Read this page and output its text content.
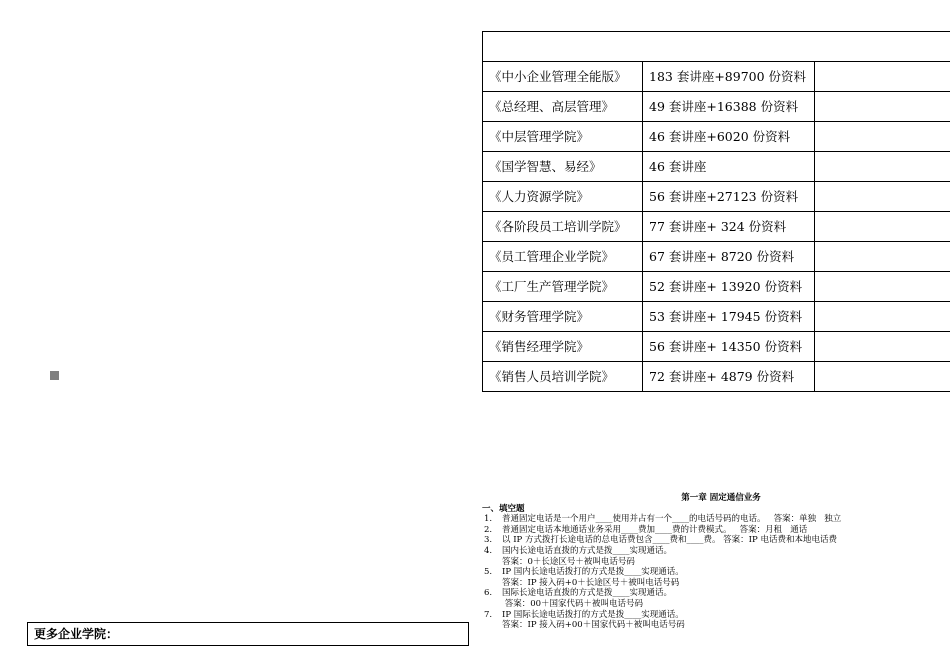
更多企业学院：

《中小企业管理全能版》	183 套讲座+89700 份资料	
《总经理、高层管理》	49 套讲座+16388 份资料	
《中层管理学院》	46 套讲座+6020 份资料	
《国学智慧、易经》	46 套讲座	
《人力资源学院》	56 套讲座+27123 份资料	
《各阶段员工培训学院》	77 套讲座+ 324 份资料	
《员工管理企业学院》	67 套讲座+ 8720 份资料	
《工厂生产管理学院》	52 套讲座+ 13920 份资料	
《财务管理学院》	53 套讲座+ 17945 份资料	
《销售经理学院》	56 套讲座+ 14350 份资料	
《销售人员培训学院》	72 套讲座+ 4879 份资料	
第一章 固定通信业务
一、填空题
1.	普通固定电话是一个用户____使用并占有一个____的电话号码的电话。   答案：单独   独立
2.	普通固定电话本地通话业务采用____费加____费的计费模式。   答案：月租   通话
3.	以 IP 方式拨打长途电话的总电话费包含____费和____费。 答案：IP 电话费和本地电话费
4.	国内长途电话直拨的方式是拨____实现通话。
答案：0＋长途区号＋被叫电话号码
5.	IP 国内长途电话拨打的方式是拨____实现通话。
答案：IP 接入码+0＋长途区号＋被叫电话号码
6.	国际长途电话直拨的方式是拨____实现通话。
答案：00＋国家代码＋被叫电话号码
7.	IP 国际长途电话拨打的方式是拨____实现通话。
答案：IP 接入码+00＋国家代码＋被叫电话号码
